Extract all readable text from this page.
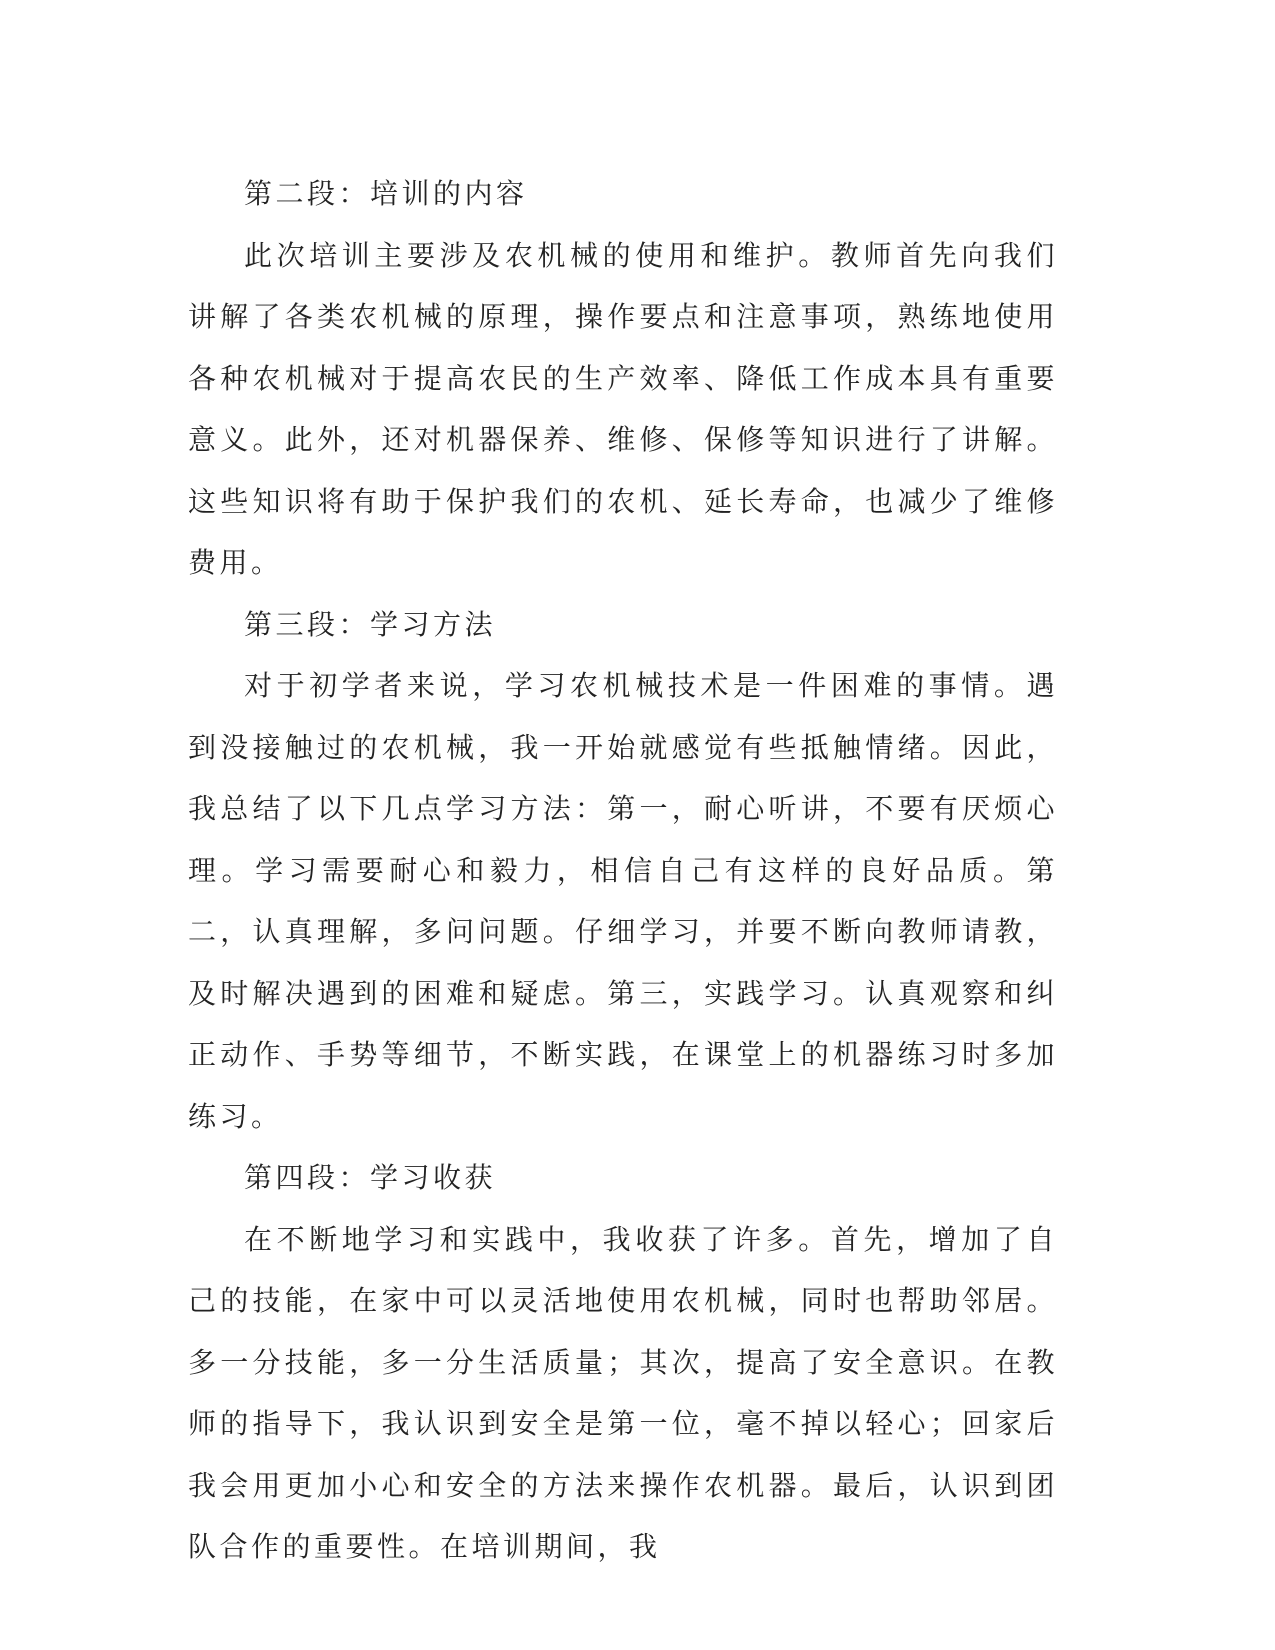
第二段：培训的内容

此次培训主要涉及农机械的使用和维护。教师首先向我们讲解了各类农机械的原理，操作要点和注意事项，熟练地使用各种农机械对于提高农民的生产效率、降低工作成本具有重要意义。此外，还对机器保养、维修、保修等知识进行了讲解。这些知识将有助于保护我们的农机、延长寿命，也减少了维修费用。

第三段：学习方法

对于初学者来说，学习农机械技术是一件困难的事情。遇到没接触过的农机械，我一开始就感觉有些抵触情绪。因此，我总结了以下几点学习方法：第一，耐心听讲，不要有厌烦心理。学习需要耐心和毅力，相信自己有这样的良好品质。第二，认真理解，多问问题。仔细学习，并要不断向教师请教，及时解决遇到的困难和疑虑。第三，实践学习。认真观察和纠正动作、手势等细节，不断实践，在课堂上的机器练习时多加练习。

第四段：学习收获

在不断地学习和实践中，我收获了许多。首先，增加了自己的技能，在家中可以灵活地使用农机械，同时也帮助邻居。多一分技能，多一分生活质量；其次，提高了安全意识。在教师的指导下，我认识到安全是第一位，毫不掉以轻心；回家后我会用更加小心和安全的方法来操作农机器。最后，认识到团队合作的重要性。在培训期间，我
